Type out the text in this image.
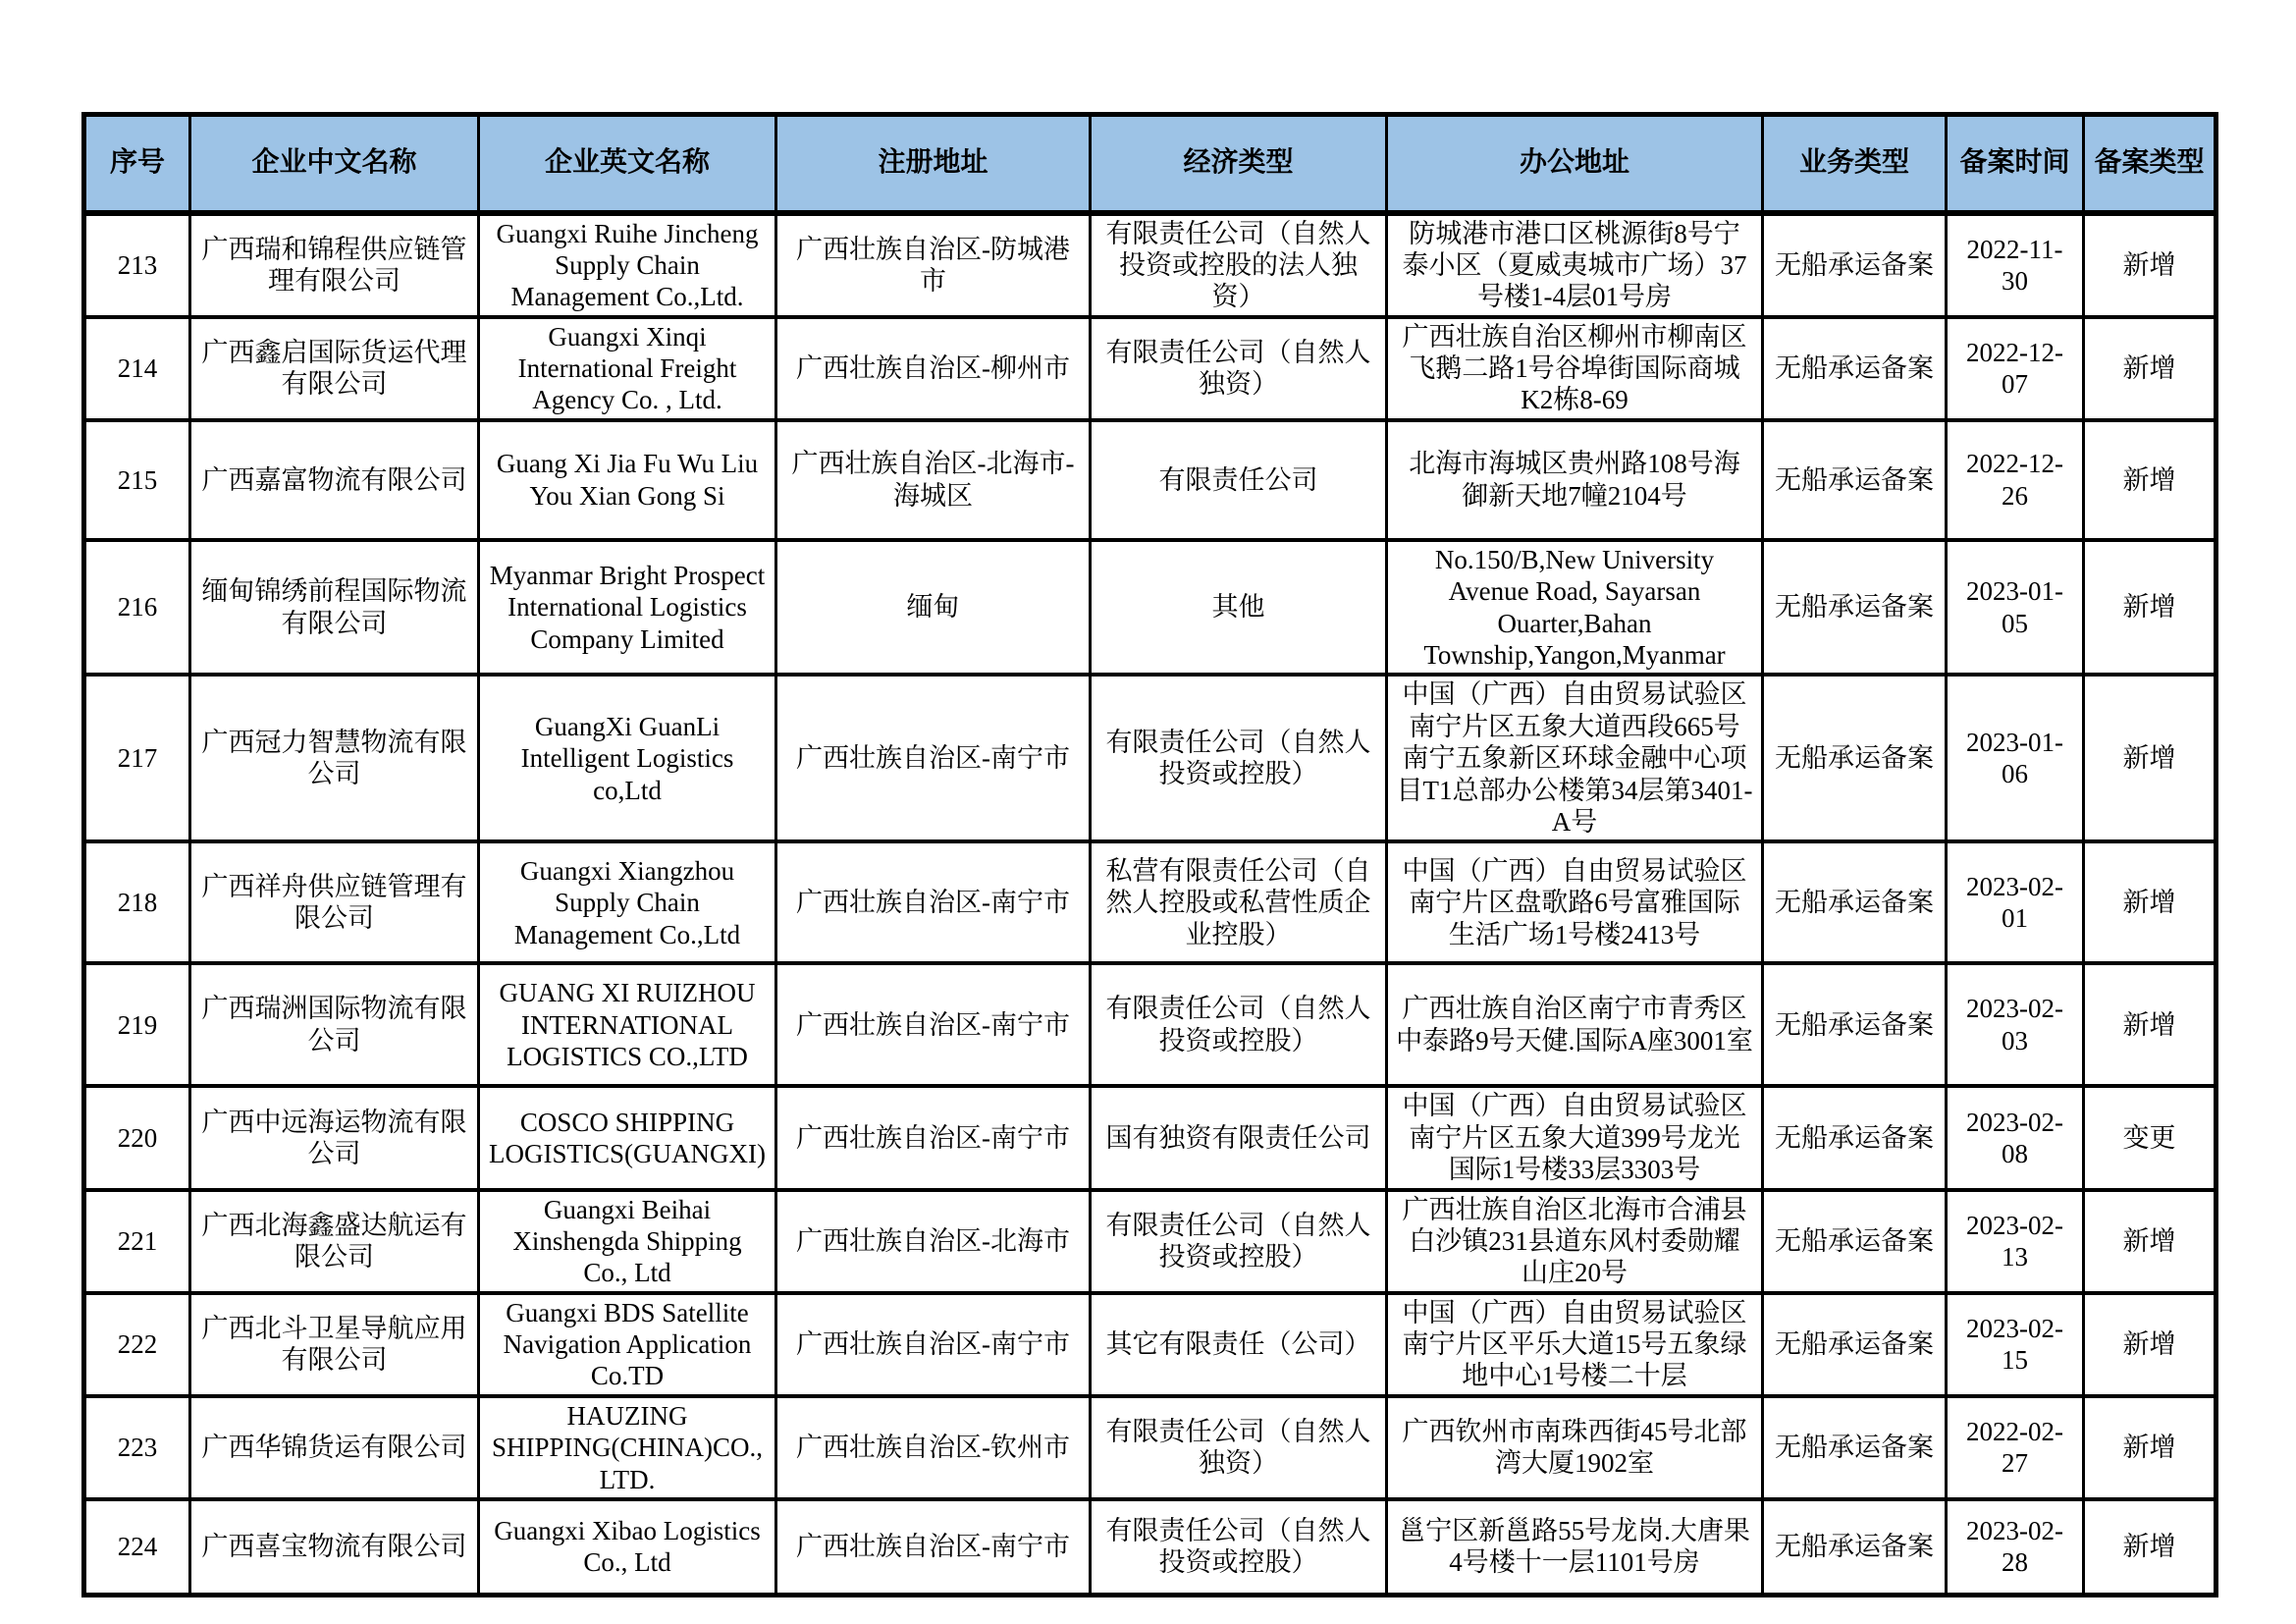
序号	企业中文名称	企业英文名称	注册地址	经济类型	办公地址	业务类型	备案时间	备案类型
213	广西瑞和锦程供应链管理有限公司	Guangxi Ruihe Jincheng Supply Chain Management Co.,Ltd.	广西壮族自治区-防城港市	有限责任公司（自然人投资或控股的法人独资）	防城港市港口区桃源街8号宁泰小区（夏威夷城市广场）37号楼1-4层01号房	无船承运备案	2022-11-30	新增
214	广西鑫启国际货运代理有限公司	Guangxi Xinqi International Freight Agency Co. , Ltd.	广西壮族自治区-柳州市	有限责任公司（自然人独资）	广西壮族自治区柳州市柳南区飞鹅二路1号谷埠街国际商城K2栋8-69	无船承运备案	2022-12-07	新增
215	广西嘉富物流有限公司	Guang Xi Jia Fu Wu Liu You Xian Gong Si	广西壮族自治区-北海市-海城区	有限责任公司	北海市海城区贵州路108号海御新天地7幢2104号	无船承运备案	2022-12-26	新增
216	缅甸锦绣前程国际物流有限公司	Myanmar Bright Prospect International Logistics Company Limited	缅甸	其他	No.150/B,New University Avenue Road, Sayarsan Ouarter,Bahan Township,Yangon,Myanmar	无船承运备案	2023-01-05	新增
217	广西冠力智慧物流有限公司	GuangXi GuanLi Intelligent Logistics co,Ltd	广西壮族自治区-南宁市	有限责任公司（自然人投资或控股）	中国（广西）自由贸易试验区南宁片区五象大道西段665号南宁五象新区环球金融中心项目T1总部办公楼第34层第3401-A号	无船承运备案	2023-01-06	新增
218	广西祥舟供应链管理有限公司	Guangxi Xiangzhou Supply Chain Management Co.,Ltd	广西壮族自治区-南宁市	私营有限责任公司（自然人控股或私营性质企业控股）	中国（广西）自由贸易试验区南宁片区盘歌路6号富雅国际生活广场1号楼2413号	无船承运备案	2023-02-01	新增
219	广西瑞洲国际物流有限公司	GUANG XI RUIZHOU INTERNATIONAL LOGISTICS CO.,LTD	广西壮族自治区-南宁市	有限责任公司（自然人投资或控股）	广西壮族自治区南宁市青秀区中泰路9号天健.国际A座3001室	无船承运备案	2023-02-03	新增
220	广西中远海运物流有限公司	COSCO SHIPPING LOGISTICS(GUANGXI)	广西壮族自治区-南宁市	国有独资有限责任公司	中国（广西）自由贸易试验区南宁片区五象大道399号龙光国际1号楼33层3303号	无船承运备案	2023-02-08	变更
221	广西北海鑫盛达航运有限公司	Guangxi Beihai Xinshengda Shipping Co., Ltd	广西壮族自治区-北海市	有限责任公司（自然人投资或控股）	广西壮族自治区北海市合浦县白沙镇231县道东风村委勋耀山庄20号	无船承运备案	2023-02-13	新增
222	广西北斗卫星导航应用有限公司	Guangxi BDS Satellite Navigation Application Co.TD	广西壮族自治区-南宁市	其它有限责任（公司）	中国（广西）自由贸易试验区南宁片区平乐大道15号五象绿地中心1号楼二十层	无船承运备案	2023-02-15	新增
223	广西华锦货运有限公司	HAUZING SHIPPING(CHINA)CO.,LTD.	广西壮族自治区-钦州市	有限责任公司（自然人独资）	广西钦州市南珠西街45号北部湾大厦1902室	无船承运备案	2022-02-27	新增
224	广西喜宝物流有限公司	Guangxi Xibao Logistics Co., Ltd	广西壮族自治区-南宁市	有限责任公司（自然人投资或控股）	邕宁区新邕路55号龙岗.大唐果4号楼十一层1101号房	无船承运备案	2023-02-28	新增
